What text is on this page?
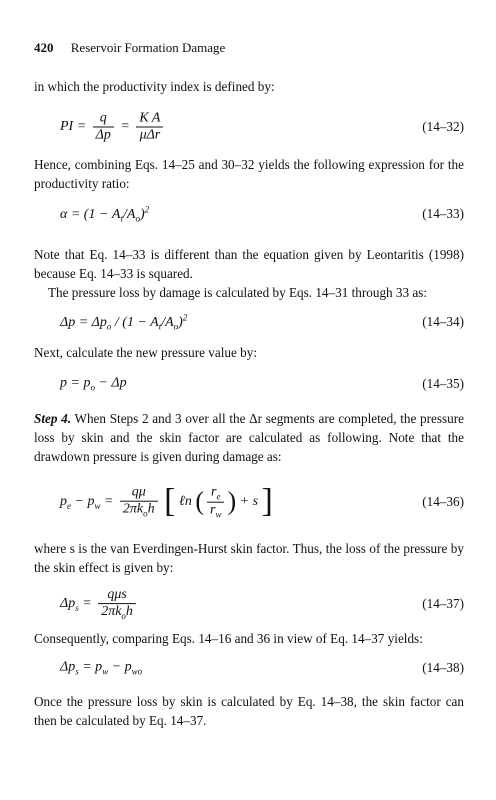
420 Reservoir Formation Damage
in which the productivity index is defined by:
PI = $\frac{q}{\Delta p} = \frac{\text{K A}}{\text{μΔr}}$	(14–32)
Hence, combining Eqs. 14–25 and 30–32 yields the following expression for the productivity ratio:
$\alpha = (1 - A_t/A_o)^2$	(14–33)
Note that Eq. 14–33 is different than the equation given by Leontaritis (1998) because Eq. 14–33 is squared.
The pressure loss by damage is calculated by Eqs. 14–31 through 33 as:
$\Delta p = \Delta p_o / (1 - A_t/A_o)^2$	(14–34)
Next, calculate the new pressure value by:
$p = p_o - \Delta p$	(14–35)
Step 4. When Steps 2 and 3 over all the Δr segments are completed, the pressure loss by skin and the skin factor are calculated as following. Note that the drawdown pressure is given during damage as:
$p_e - p_w = \frac{q\mu}{2\pi k_oh}$ [ ℓn ( $\frac{r_e}{r_w}$ ) + s ]	(14–36)
where s is the van Everdingen-Hurst skin factor. Thus, the loss of the pressure by the skin effect is given by:
$\Delta p_s = \frac{\text{qμs}}{2\pi k_oh}$	(14–37)
Consequently, comparing Eqs. 14–16 and 36 in view of Eq. 14–37 yields:
$\Delta p_s = p_w - p_{wo}$	(14–38)
Once the pressure loss by skin is calculated by Eq. 14–38, the skin factor can then be calculated by Eq. 14–37.
